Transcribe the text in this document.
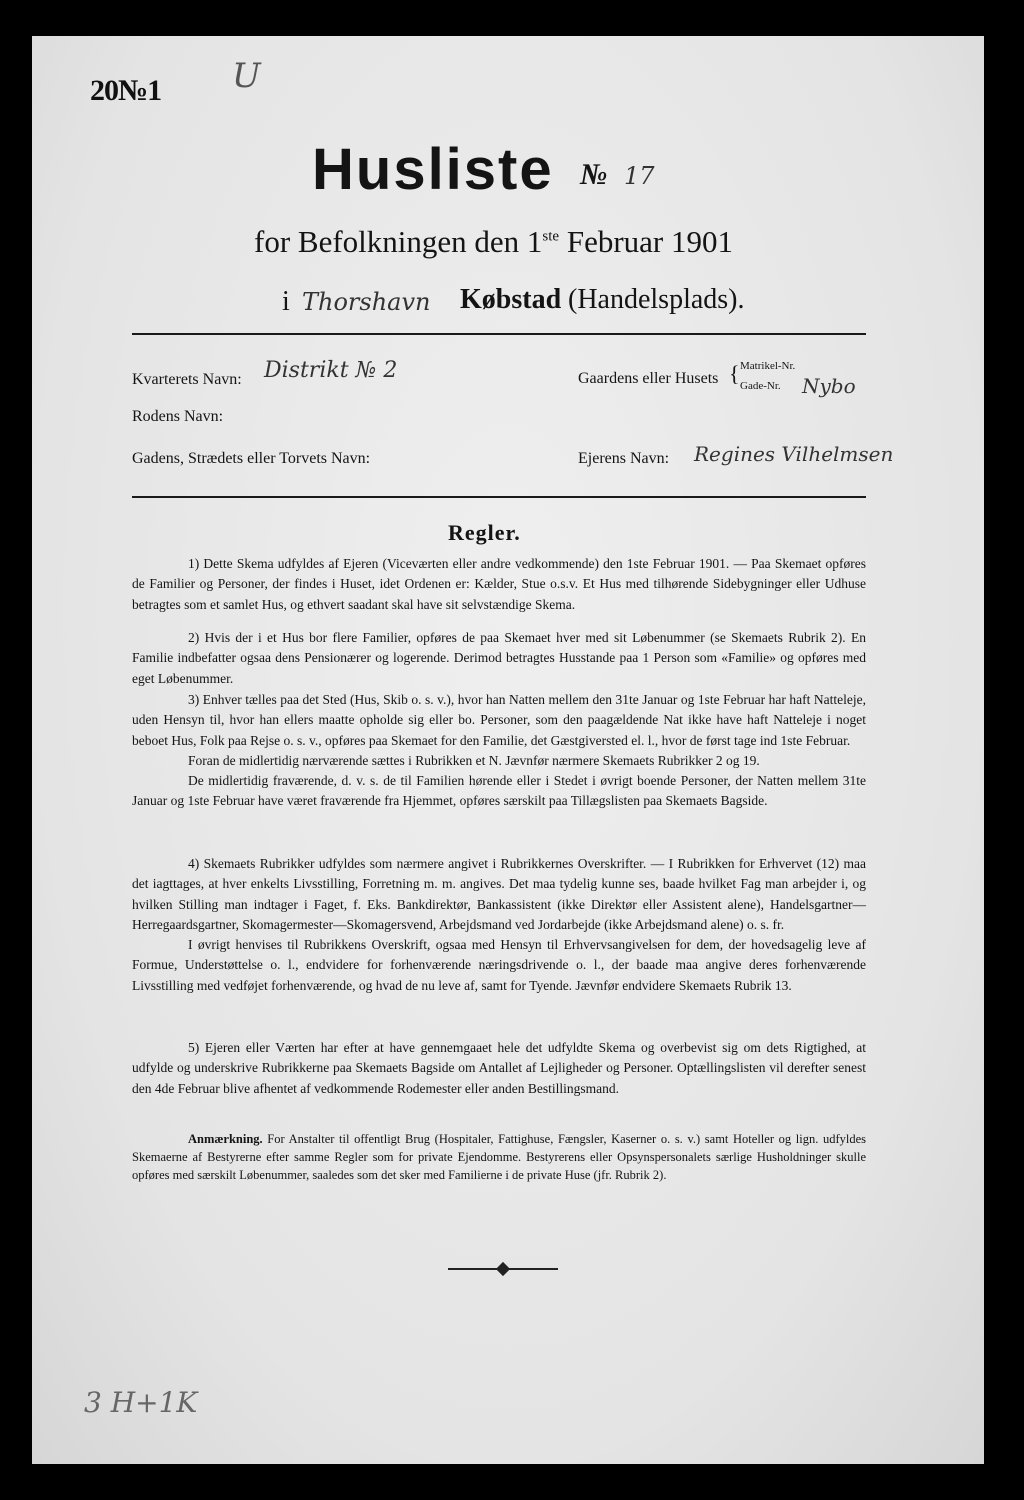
20№1 U
Husliste № 17
for Befolkningen den 1ste Februar 1901
i Thorshavn Købstad (Handelsplads).
Kvarterets Navn: Distrikt № 2	Gaardens eller Husets { Matrikel-Nr.
Gade-Nr. Nybo
Rodens Navn:
Gadens, Strædets eller Torvets Navn:	Ejerens Navn: Regines Vilhelmsen
Regler.

1) Dette Skema udfyldes af Ejeren (Viceværten eller andre vedkommende) den 1ste Februar 1901. — Paa Skemaet opføres de Familier og Personer, der findes i Huset, idet Ordenen er: Kælder, Stue o.s.v. Et Hus med tilhørende Sidebygninger eller Udhuse betragtes som et samlet Hus, og ethvert saadant skal have sit selvstændige Skema.

2) Hvis der i et Hus bor flere Familier, opføres de paa Skemaet hver med sit Løbenummer (se Skemaets Rubrik 2). En Familie indbefatter ogsaa dens Pensionærer og logerende. Derimod betragtes Husstande paa 1 Person som «Familie» og opføres med eget Løbenummer.

3) Enhver tælles paa det Sted (Hus, Skib o. s. v.), hvor han Natten mellem den 31te Januar og 1ste Februar har haft Natteleje, uden Hensyn til, hvor han ellers maatte opholde sig eller bo. Personer, som den paagældende Nat ikke have haft Natteleje i noget beboet Hus, Folk paa Rejse o. s. v., opføres paa Skemaet for den Familie, det Gæstgiversted el. l., hvor de først tage ind 1ste Februar.

Foran de midlertidig nærværende sættes i Rubrikken et N. Jævnfør nærmere Skemaets Rubrikker 2 og 19.

De midlertidig fraværende, d. v. s. de til Familien hørende eller i Stedet i øvrigt boende Personer, der Natten mellem 31te Januar og 1ste Februar have været fraværende fra Hjemmet, opføres særskilt paa Tillægslisten paa Skemaets Bagside.

4) Skemaets Rubrikker udfyldes som nærmere angivet i Rubrikkernes Overskrifter. — I Rubrikken for Erhvervet (12) maa det iagttages, at hver enkelts Livsstilling, Forretning m. m. angives. Det maa tydelig kunne ses, baade hvilket Fag man arbejder i, og hvilken Stilling man indtager i Faget, f. Eks. Bankdirektør, Bankassistent (ikke Direktør eller Assistent alene), Handelsgartner—Herregaardsgartner, Skomagermester—Skomagersvend, Arbejdsmand ved Jordarbejde (ikke Arbejdsmand alene) o. s. fr.

I øvrigt henvises til Rubrikkens Overskrift, ogsaa med Hensyn til Erhvervsangivelsen for dem, der hovedsagelig leve af Formue, Understøttelse o. l., endvidere for forhenværende næringsdrivende o. l., der baade maa angive deres forhenværende Livsstilling med vedføjet forhenværende, og hvad de nu leve af, samt for Tyende. Jævnfør endvidere Skemaets Rubrik 13.

5) Ejeren eller Værten har efter at have gennemgaaet hele det udfyldte Skema og overbevist sig om dets Rigtighed, at udfylde og underskrive Rubrikkerne paa Skemaets Bagside om Antallet af Lejligheder og Personer. Optællingslisten vil derefter senest den 4de Februar blive afhentet af vedkommende Rodemester eller anden Bestillingsmand.

Anmærkning. For Anstalter til offentligt Brug (Hospitaler, Fattighuse, Fængsler, Kaserner o. s. v.) samt Hoteller og lign. udfyldes Skemaerne af Bestyrerne efter samme Regler som for private Ejendomme. Bestyrerens eller Opsynspersonalets særlige Husholdninger skulle opføres med særskilt Løbenummer, saaledes som det sker med Familierne i de private Huse (jfr. Rubrik 2).

3 H+1K
